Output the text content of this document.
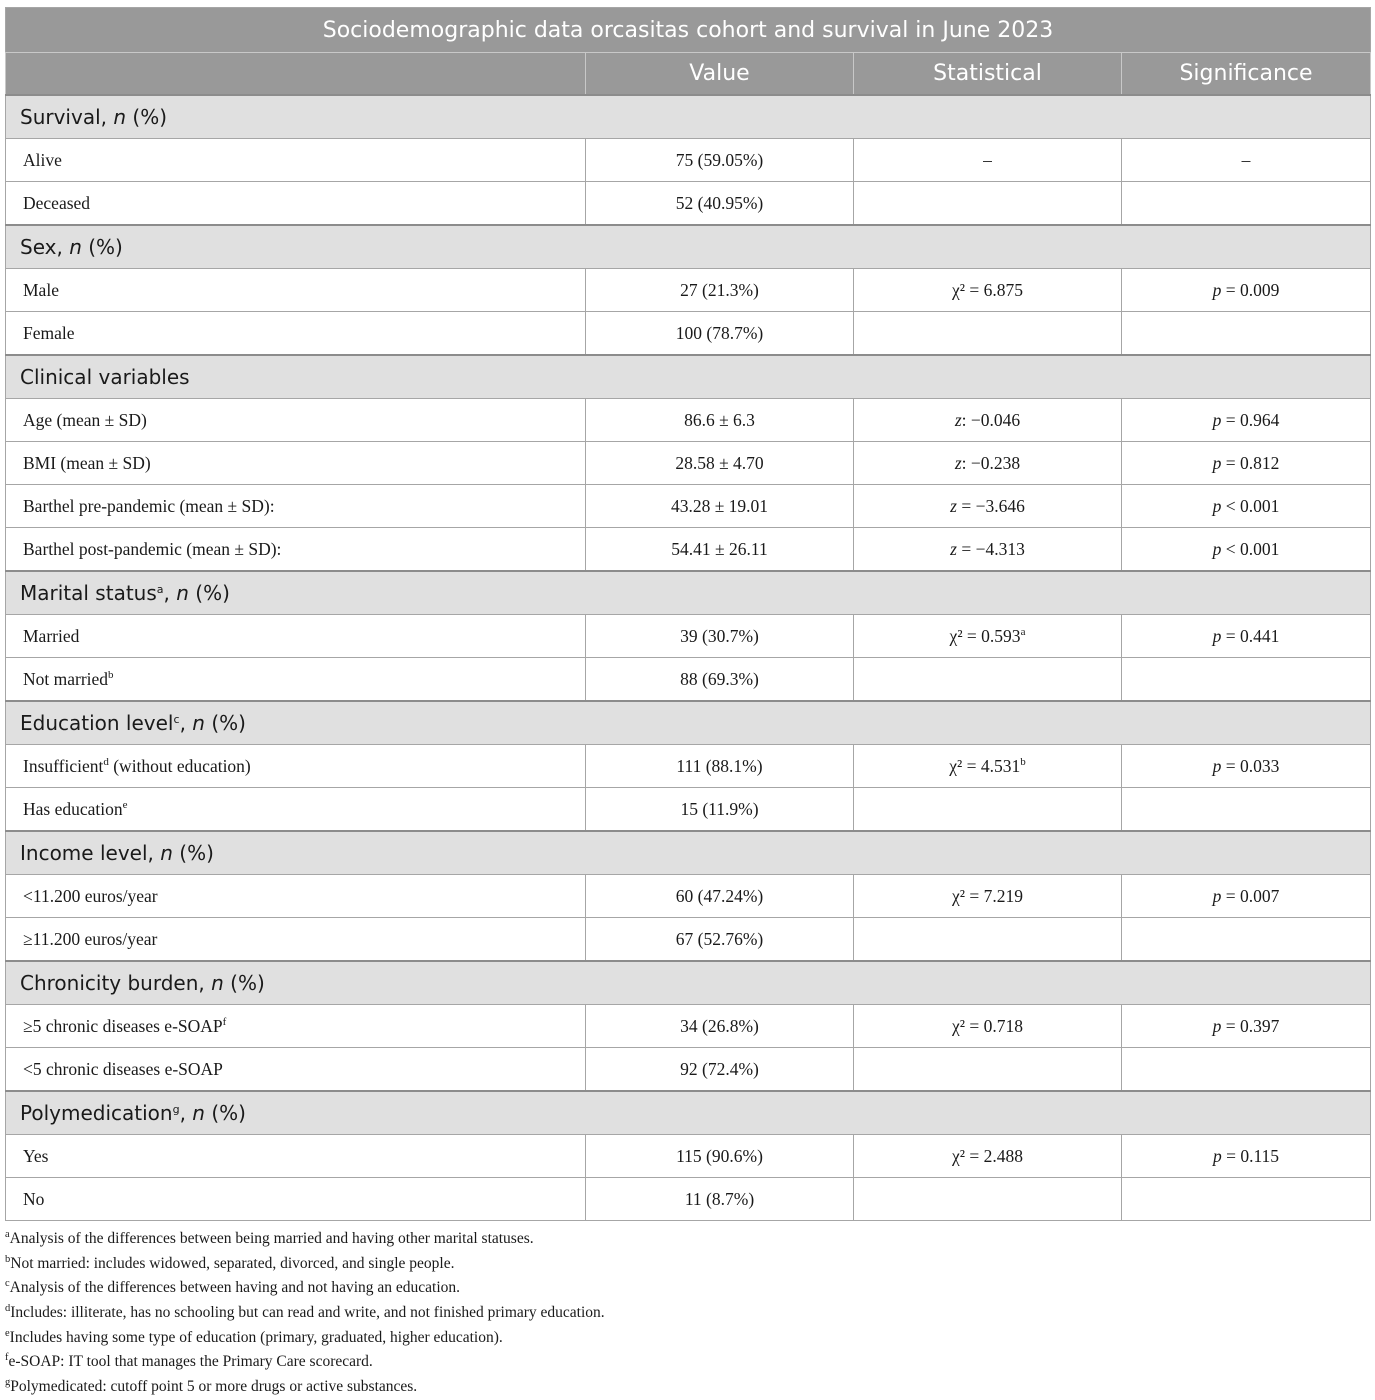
Sociodemographic data orcasitas cohort and survival in June 2023			
	Value	Statistical	Significance
Survival, n (%)			
Alive	75 (59.05%)	–	–
Deceased	52 (40.95%)		
Sex, n (%)			
Male	27 (21.3%)	χ² = 6.875	p = 0.009
Female	100 (78.7%)		
Clinical variables			
Age (mean ± SD)	86.6 ± 6.3	z: −0.046	p = 0.964
BMI (mean ± SD)	28.58 ± 4.70	z: −0.238	p = 0.812
Barthel pre-pandemic (mean ± SD):	43.28 ± 19.01	z = −3.646	p < 0.001
Barthel post-pandemic (mean ± SD):	54.41 ± 26.11	z = −4.313	p < 0.001
Marital status$^a$, n (%)			
Married	39 (30.7%)	χ² = 0.593$^a$	p = 0.441
Not married$^b$	88 (69.3%)		
Education level$^c$, n (%)			
Insufficient$^d$ (without education)	111 (88.1%)	χ² = 4.531$^b$	p = 0.033
Has education$^e$	15 (11.9%)		
Income level, n (%)			
<11.200 euros/year	60 (47.24%)	χ² = 7.219	p = 0.007
≥11.200 euros/year	67 (52.76%)		
Chronicity burden, n (%)			
≥5 chronic diseases e-SOAP$^f$	34 (26.8%)	χ² = 0.718	p = 0.397
<5 chronic diseases e-SOAP	92 (72.4%)		
Polymedication$^g$, n (%)			
Yes	115 (90.6%)	χ² = 2.488	p = 0.115
No	11 (8.7%)		
$^a$Analysis of the differences between being married and having other marital statuses.
$^b$Not married: includes widowed, separated, divorced, and single people.
$^c$Analysis of the differences between having and not having an education.
$^d$Includes: illiterate, has no schooling but can read and write, and not finished primary education.
$^e$Includes having some type of education (primary, graduated, higher education).
$^f$e-SOAP: IT tool that manages the Primary Care scorecard.
$^g$Polymedicated: cutoff point 5 or more drugs or active substances.
